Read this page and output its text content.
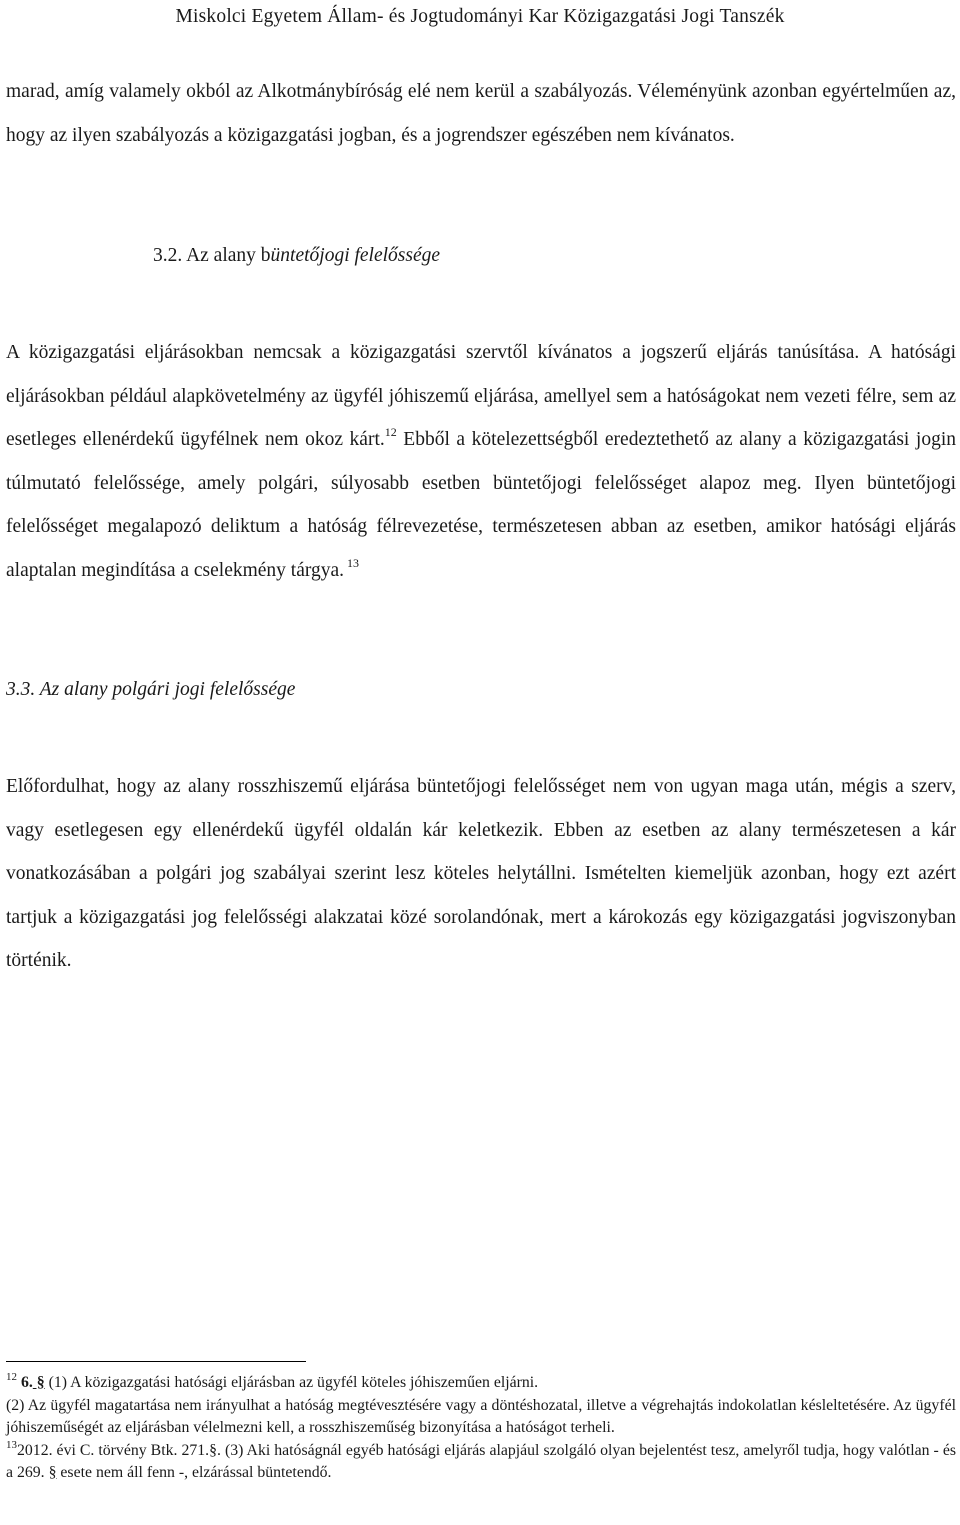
Miskolci Egyetem Állam- és Jogtudományi Kar Közigazgatási Jogi Tanszék

marad, amíg valamely okból az Alkotmánybíróság elé nem kerül a szabályozás. Véleményünk azonban egyértelműen az, hogy az ilyen szabályozás a közigazgatási jogban, és a jogrendszer egészében nem kívánatos.

3.2. Az alany büntetőjogi felelőssége

A közigazgatási eljárásokban nemcsak a közigazgatási szervtől kívánatos a jogszerű eljárás tanúsítása. A hatósági eljárásokban például alapkövetelmény az ügyfél jóhiszemű eljárása, amellyel sem a hatóságokat nem vezeti félre, sem az esetleges ellenérdekű ügyfélnek nem okoz kárt.$^{12}$ Ebből a kötelezettségből eredeztethető az alany a közigazgatási jogin túlmutató felelőssége, amely polgári, súlyosabb esetben büntetőjogi felelősséget alapoz meg. Ilyen büntetőjogi felelősséget megalapozó deliktum a hatóság félrevezetése, természetesen abban az esetben, amikor hatósági eljárás alaptalan megindítása a cselekmény tárgya. $^{13}$

3.3. Az alany polgári jogi felelőssége

Előfordulhat, hogy az alany rosszhiszemű eljárása büntetőjogi felelősséget nem von ugyan maga után, mégis a szerv, vagy esetlegesen egy ellenérdekű ügyfél oldalán kár keletkezik. Ebben az esetben az alany természetesen a kár vonatkozásában a polgári jog szabályai szerint lesz köteles helytállni. Ismételten kiemeljük azonban, hogy ezt azért tartjuk a közigazgatási jog felelősségi alakzatai közé sorolandónak, mert a károkozás egy közigazgatási jogviszonyban történik.

$^{12}$ 6. § (1) A közigazgatási hatósági eljárásban az ügyfél köteles jóhiszeműen eljárni.

(2) Az ügyfél magatartása nem irányulhat a hatóság megtévesztésére vagy a döntéshozatal, illetve a végrehajtás indokolatlan késleltetésére. Az ügyfél jóhiszeműségét az eljárásban vélelmezni kell, a rosszhiszeműség bizonyítása a hatóságot terheli.

$^{13}$2012. évi C. törvény Btk. 271.§. (3) Aki hatóságnál egyéb hatósági eljárás alapjául szolgáló olyan bejelentést tesz, amelyről tudja, hogy valótlan - és a 269. § esete nem áll fenn -, elzárással büntetendő.
